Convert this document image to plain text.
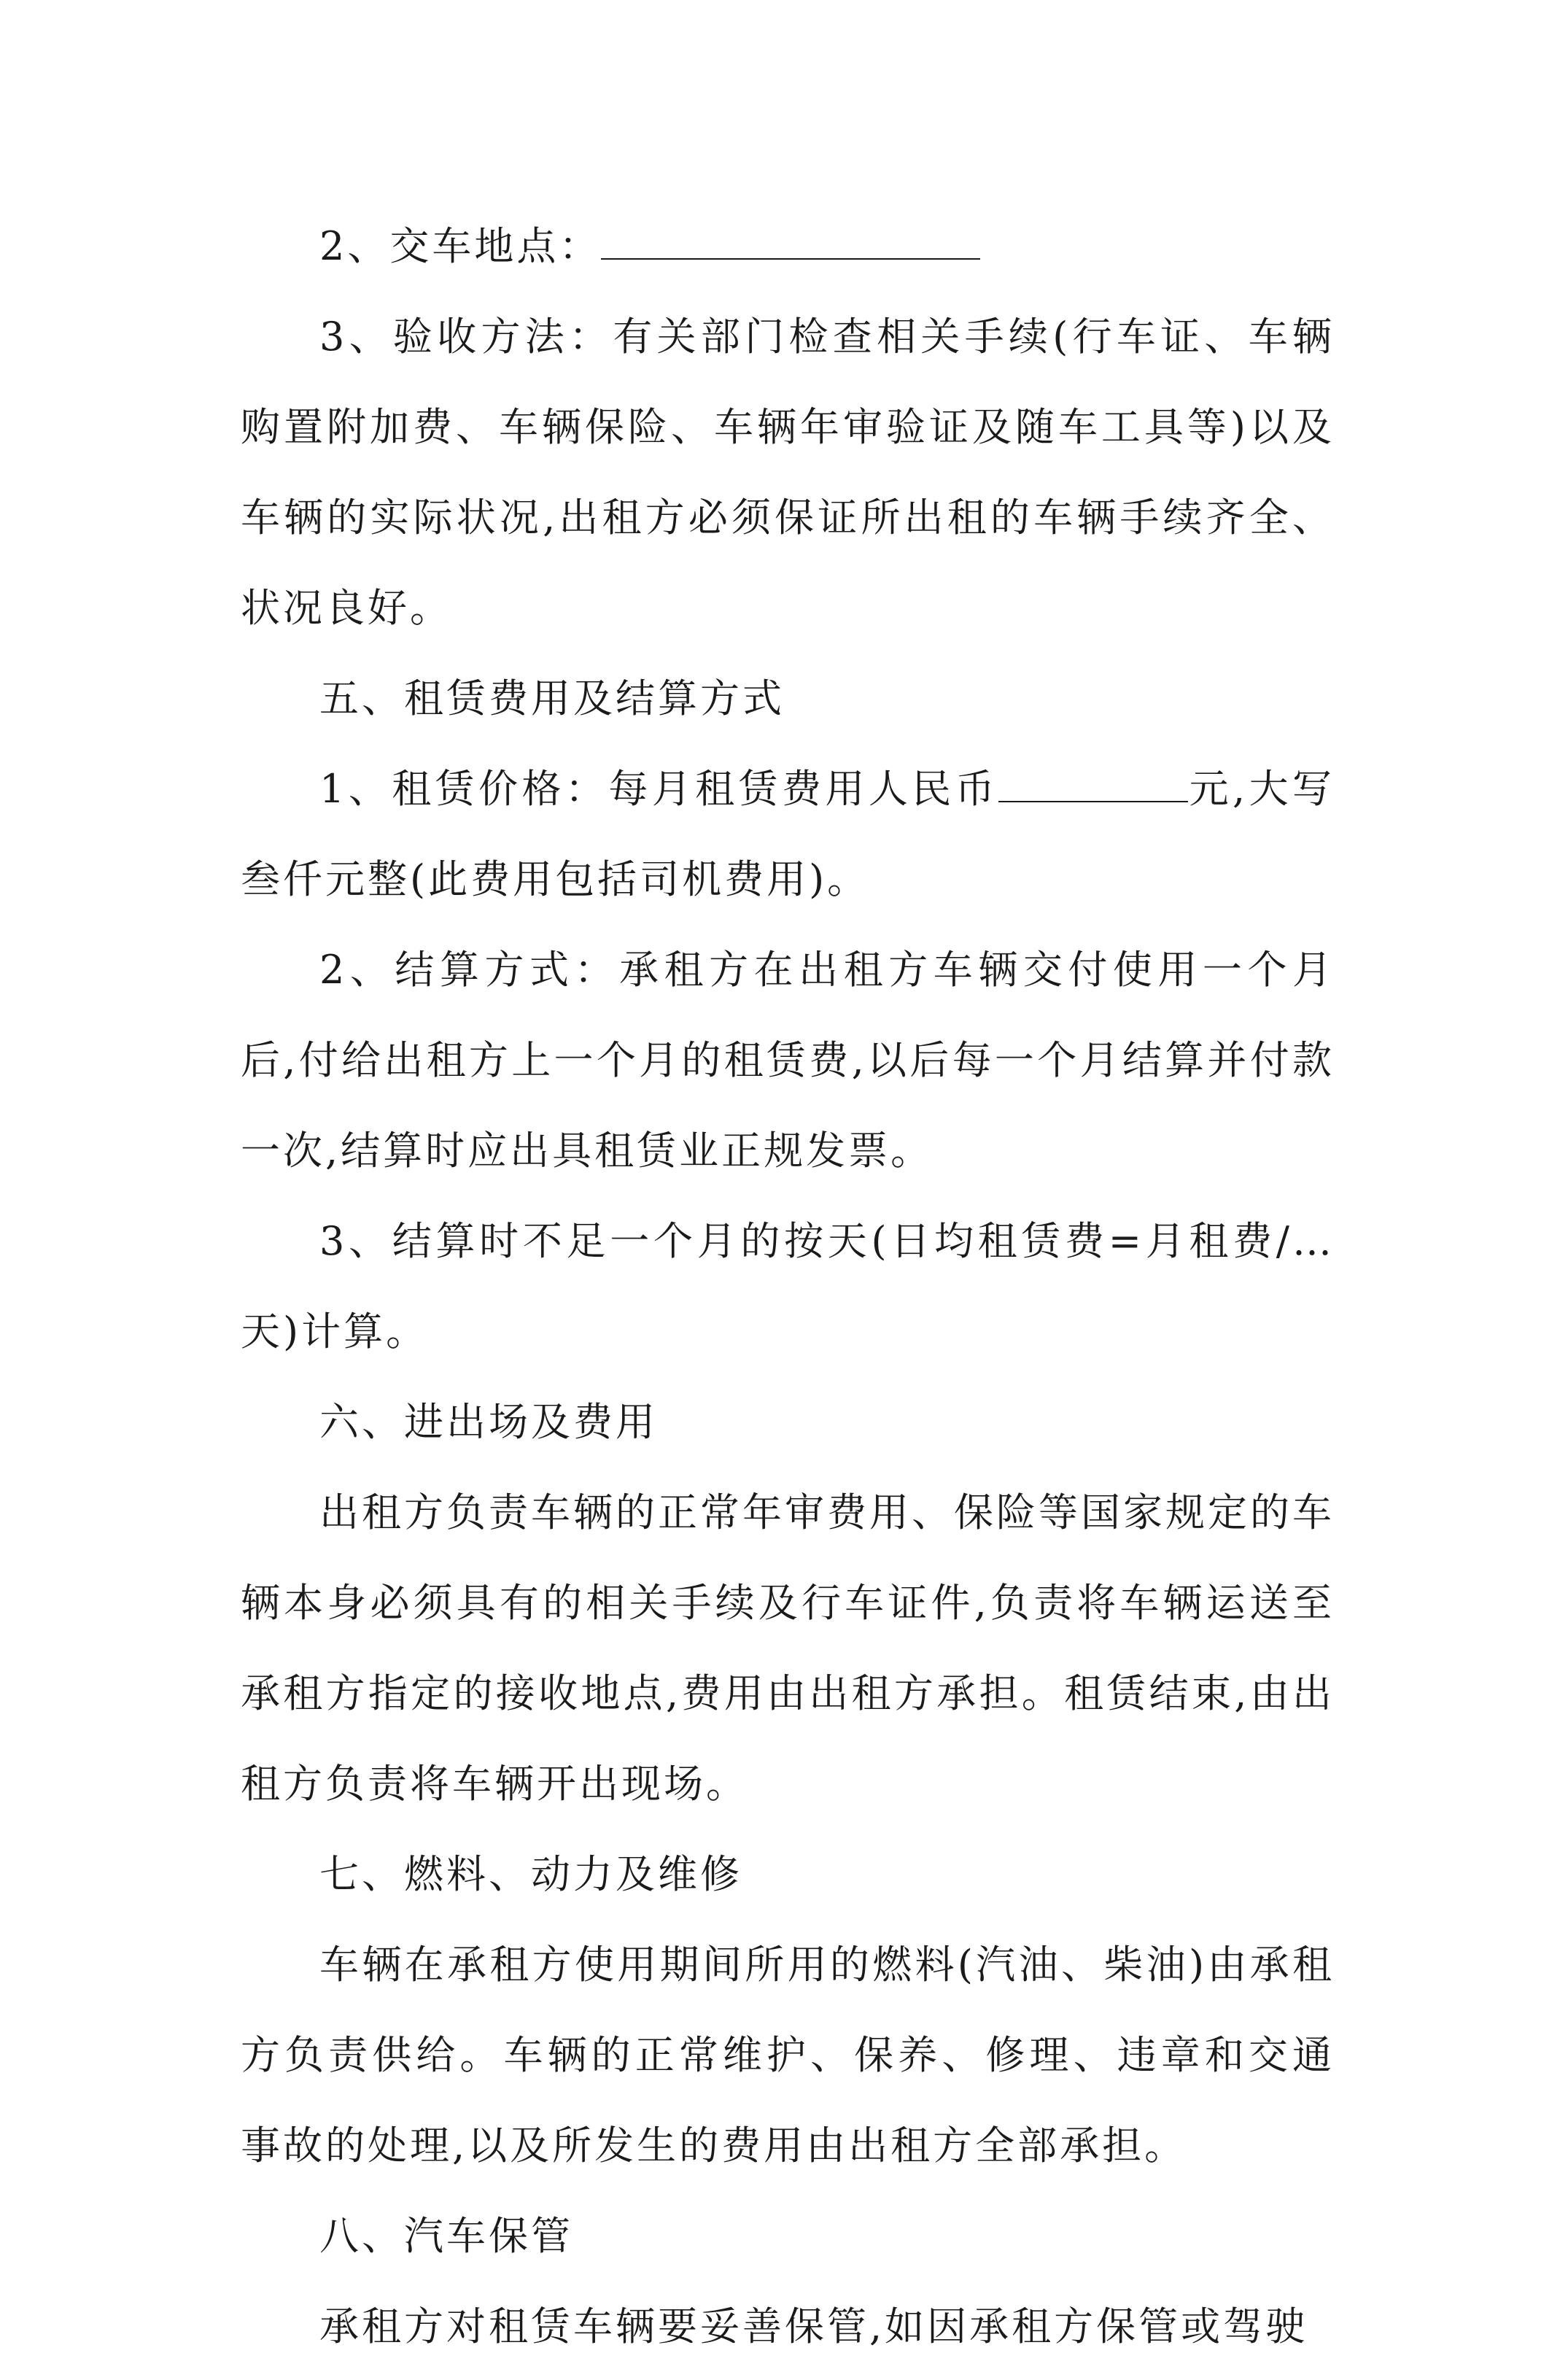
2、交车地点：

3、验收方法：有关部门检查相关手续(行车证、车辆购置附加费、车辆保险、车辆年审验证及随车工具等)以及车辆的实际状况,出租方必须保证所出租的车辆手续齐全、状况良好。

五、租赁费用及结算方式

1、租赁价格：每月租赁费用人民币	元,大写叁仟元整(此费用包括司机费用)。

2、结算方式：承租方在出租方车辆交付使用一个月后,付给出租方上一个月的租赁费,以后每一个月结算并付款一次,结算时应出具租赁业正规发票。

3、结算时不足一个月的按天(日均租赁费=月租费/…天)计算。

六、进出场及费用

出租方负责车辆的正常年审费用、保险等国家规定的车辆本身必须具有的相关手续及行车证件,负责将车辆运送至承租方指定的接收地点,费用由出租方承担。租赁结束,由出租方负责将车辆开出现场。

七、燃料、动力及维修

车辆在承租方使用期间所用的燃料(汽油、柴油)由承租方负责供给。车辆的正常维护、保养、修理、违章和交通事故的处理,以及所发生的费用由出租方全部承担。

八、汽车保管

承租方对租赁车辆要妥善保管,如因承租方保管或驾驶
